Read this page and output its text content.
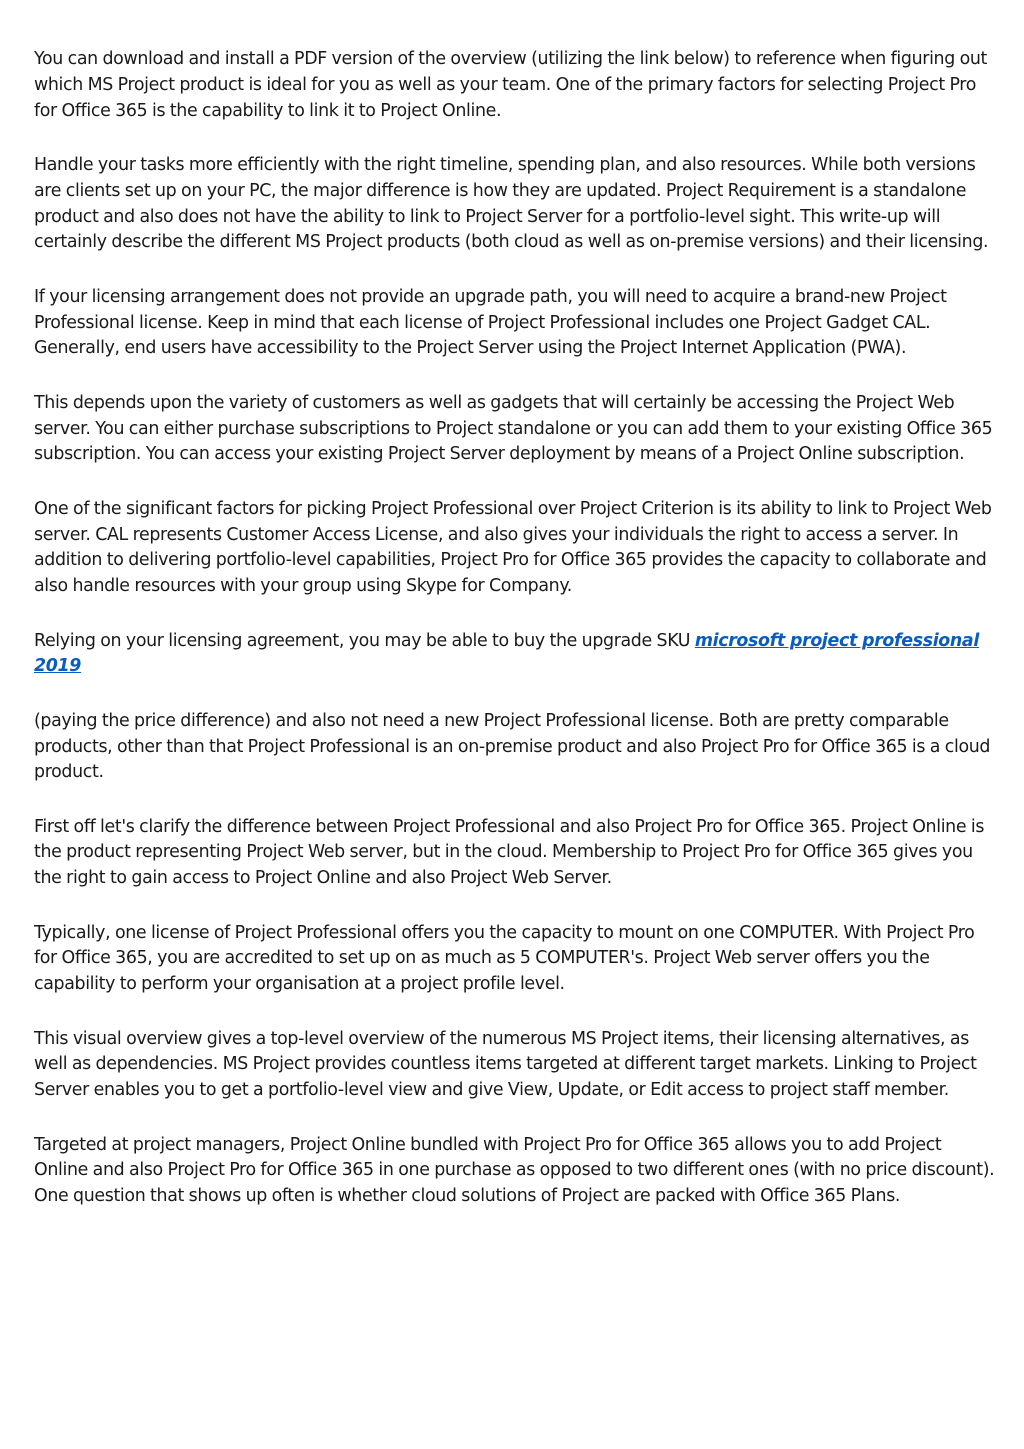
You can download and install a PDF version of the overview (utilizing the link below) to reference when figuring out which MS Project product is ideal for you as well as your team. One of the primary factors for selecting Project Pro for Office 365 is the capability to link it to Project Online.

Handle your tasks more efficiently with the right timeline, spending plan, and also resources. While both versions are clients set up on your PC, the major difference is how they are updated. Project Requirement is a standalone product and also does not have the ability to link to Project Server for a portfolio-level sight. This write-up will certainly describe the different MS Project products (both cloud as well as on-premise versions) and their licensing.

If your licensing arrangement does not provide an upgrade path, you will need to acquire a brand-new Project Professional license. Keep in mind that each license of Project Professional includes one Project Gadget CAL. Generally, end users have accessibility to the Project Server using the Project Internet Application (PWA).

This depends upon the variety of customers as well as gadgets that will certainly be accessing the Project Web server. You can either purchase subscriptions to Project standalone or you can add them to your existing Office 365 subscription. You can access your existing Project Server deployment by means of a Project Online subscription.

One of the significant factors for picking Project Professional over Project Criterion is its ability to link to Project Web server. CAL represents Customer Access License, and also gives your individuals the right to access a server. In addition to delivering portfolio-level capabilities, Project Pro for Office 365 provides the capacity to collaborate and also handle resources with your group using Skype for Company.

Relying on your licensing agreement, you may be able to buy the upgrade SKU microsoft project professional 2019

(paying the price difference) and also not need a new Project Professional license. Both are pretty comparable products, other than that Project Professional is an on-premise product and also Project Pro for Office 365 is a cloud product.

First off let's clarify the difference between Project Professional and also Project Pro for Office 365. Project Online is the product representing Project Web server, but in the cloud. Membership to Project Pro for Office 365 gives you the right to gain access to Project Online and also Project Web Server.

Typically, one license of Project Professional offers you the capacity to mount on one COMPUTER. With Project Pro for Office 365, you are accredited to set up on as much as 5 COMPUTER's. Project Web server offers you the capability to perform your organisation at a project profile level.

This visual overview gives a top-level overview of the numerous MS Project items, their licensing alternatives, as well as dependencies. MS Project provides countless items targeted at different target markets. Linking to Project Server enables you to get a portfolio-level view and give View, Update, or Edit access to project staff member.

Targeted at project managers, Project Online bundled with Project Pro for Office 365 allows you to add Project Online and also Project Pro for Office 365 in one purchase as opposed to two different ones (with no price discount). One question that shows up often is whether cloud solutions of Project are packed with Office 365 Plans.
